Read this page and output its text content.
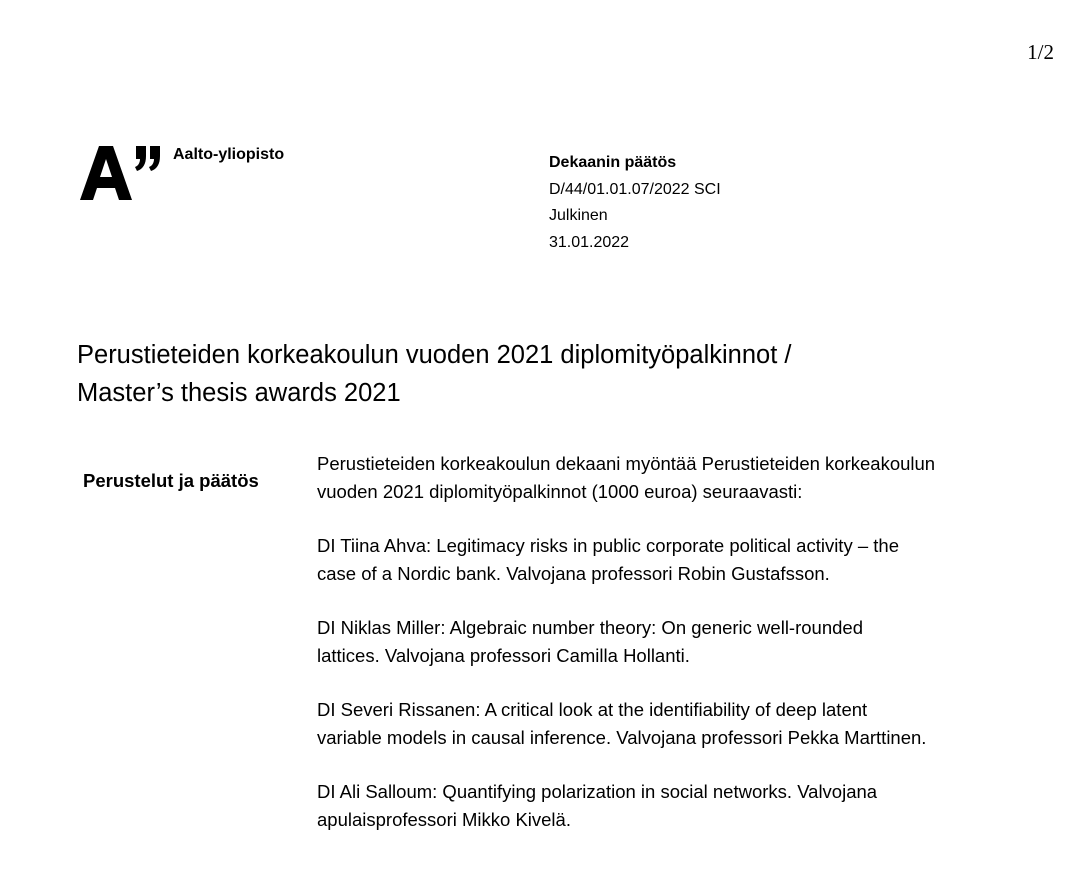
1/2
Aalto-yliopisto	Dekaanin päätös
D/44/01.01.07/2022 SCI
Julkinen
31.01.2022
Perustieteiden korkeakoulun vuoden 2021 diplomityöpalkinnot /
Master’s thesis awards 2021
Perustelut ja päätös

Perustieteiden korkeakoulun dekaani myöntää Perustieteiden korkeakoulun
vuoden 2021 diplomityöpalkinnot (1000 euroa) seuraavasti:

DI Tiina Ahva: Legitimacy risks in public corporate political activity – the
case of a Nordic bank. Valvojana professori Robin Gustafsson.

DI Niklas Miller: Algebraic number theory: On generic well-rounded
lattices. Valvojana professori Camilla Hollanti.

DI Severi Rissanen: A critical look at the identifiability of deep latent
variable models in causal inference. Valvojana professori Pekka Marttinen.

DI Ali Salloum: Quantifying polarization in social networks. Valvojana
apulaisprofessori Mikko Kivelä.
